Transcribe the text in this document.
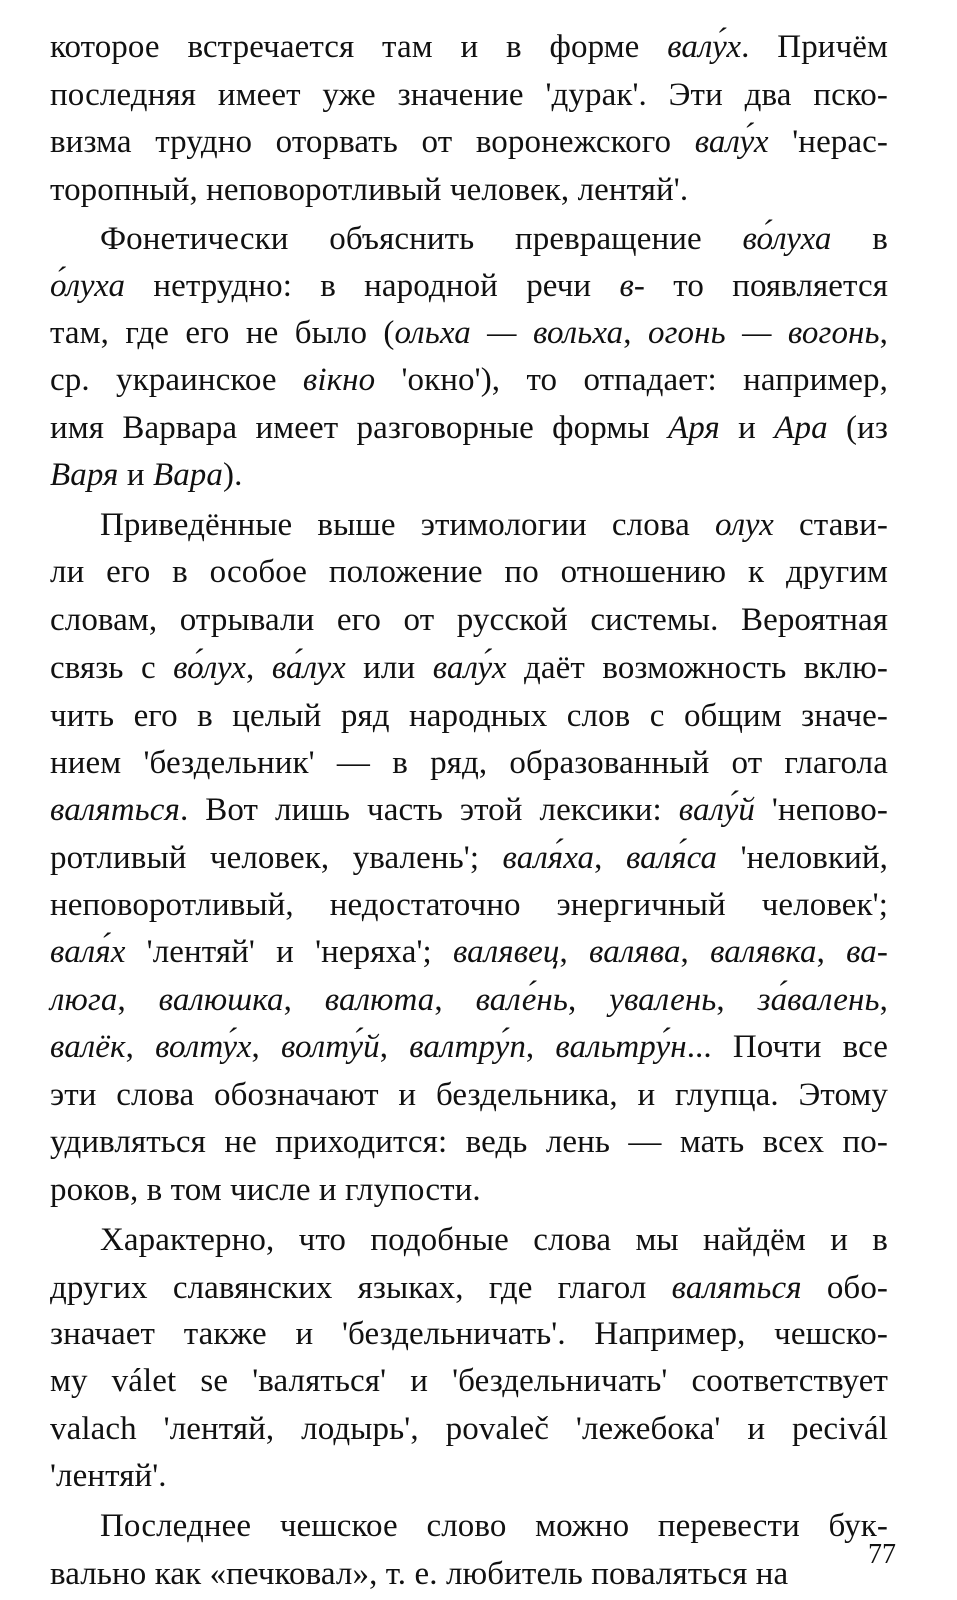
которое встречается там и в форме валу́х. Причём
последняя имеет уже значение 'дурак'. Эти два пско-
визма трудно оторвать от воронежского валу́х 'нерас-
торопный, неповоротливый человек, лентяй'.
Фонетически объяснить превращение во́луха в
о́луха нетрудно: в народной речи в- то появляется
там, где его не было (ольха — вольха, огонь — вогонь,
ср. украинское вікно 'окно'), то отпадает: например,
имя Варвара имеет разговорные формы Аря и Ара (из
Варя и Вара).
Приведённые выше этимологии слова олух стави-
ли его в особое положение по отношению к другим
словам, отрывали его от русской системы. Вероятная
связь с во́лух, ва́лух или валу́х даёт возможность вклю-
чить его в целый ряд народных слов с общим значе-
нием 'бездельник' — в ряд, образованный от глагола
валяться. Вот лишь часть этой лексики: валу́й 'непово-
ротливый человек, увалень'; валя́ха, валя́са 'неловкий,
неповоротливый, недостаточно энергичный человек';
валя́х 'лентяй' и 'неряха'; валявец, валява, валявка, ва-
люга, валюшка, валюта, вале́нь, увалень, за́валень,
валёк, волту́х, волту́й, валтру́п, вальтру́н... Почти все
эти слова обозначают и бездельника, и глупца. Этому
удивляться не приходится: ведь лень — мать всех по-
роков, в том числе и глупости.
Характерно, что подобные слова мы найдём и в
других славянских языках, где глагол валяться обо-
значает также и 'бездельничать'. Например, чешско-
му válet se 'валяться' и 'бездельничать' соответствует
valach 'лентяй, лодырь', povaleč 'лежебока' и pecivál
'лентяй'.
Последнее чешское слово можно перевести бук-
вально как «печковал», т. е. любитель поваляться на
77
